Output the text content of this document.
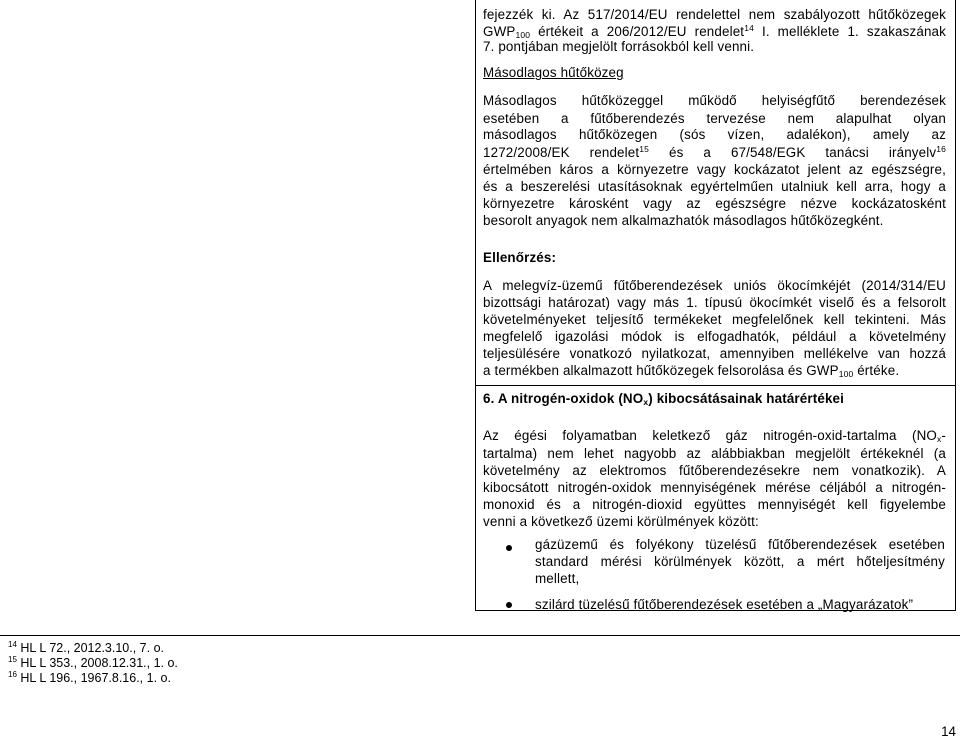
fejezzék ki. Az 517/2014/EU rendelettel nem szabályozott hűtőközegek
$GWP_{100}$ értékeit a 206/2012/EU rendelet$^{14}$ I. melléklete 1. szakaszának
7. pontjában megjelölt forrásokból kell venni.
Másodlagos hűtőközeg
Másodlagos hűtőközeggel működő helyiségfűtő berendezések
esetében a fűtőberendezés tervezése nem alapulhat olyan
másodlagos hűtőközegen (sós vízen, adalékon), amely az
1272/2008/EK rendelet$^{15}$ és a 67/548/EGK tanácsi irányelv$^{16}$
értelmében káros a környezetre vagy kockázatot jelent az egészségre,
és a beszerelési utasításoknak egyértelműen utalniuk kell arra, hogy a
környezetre károsként vagy az egészségre nézve kockázatosként
besorolt anyagok nem alkalmazhatók másodlagos hűtőközegként.
Ellenőrzés:
A melegvíz-üzemű fűtőberendezések uniós ökocímkéjét (2014/314/EU
bizottsági határozat) vagy más 1. típusú ökocímkét viselő és a felsorolt
követelményeket teljesítő termékeket megfelelőnek kell tekinteni. Más
megfelelő igazolási módok is elfogadhatók, például a követelmény
teljesülésére vonatkozó nyilatkozat, amennyiben mellékelve van hozzá
a termékben alkalmazott hűtőközegek felsorolása és $GWP_{100}$ értéke.
6. A nitrogén-oxidok $(NO_x)$ kibocsátásainak határértékei
Az égési folyamatban keletkező gáz nitrogén-oxid-tartalma ($NO_x-$
tartalma) nem lehet nagyobb az alábbiakban megjelölt értékeknél (a
követelmény az elektromos fűtőberendezésekre nem vonatkozik). A
kibocsátott nitrogén-oxidok mennyiségének mérése céljából a nitrogén-
monoxid és a nitrogén-dioxid együttes mennyiségét kell figyelembe
venni a következő üzemi körülmények között:
gázüzemű és folyékony tüzelésű fűtőberendezések esetében
standard mérési körülmények között, a mért hőteljesítmény
mellett,
szilárd tüzelésű fűtőberendezések esetében a „Magyarázatok”
$^{14}$ HL L 72., 2012.3.10., 7. o.
$^{15}$ HL L 353., 2008.12.31., 1. o.
$^{16}$ HL L 196., 1967.8.16., 1. o.
14
